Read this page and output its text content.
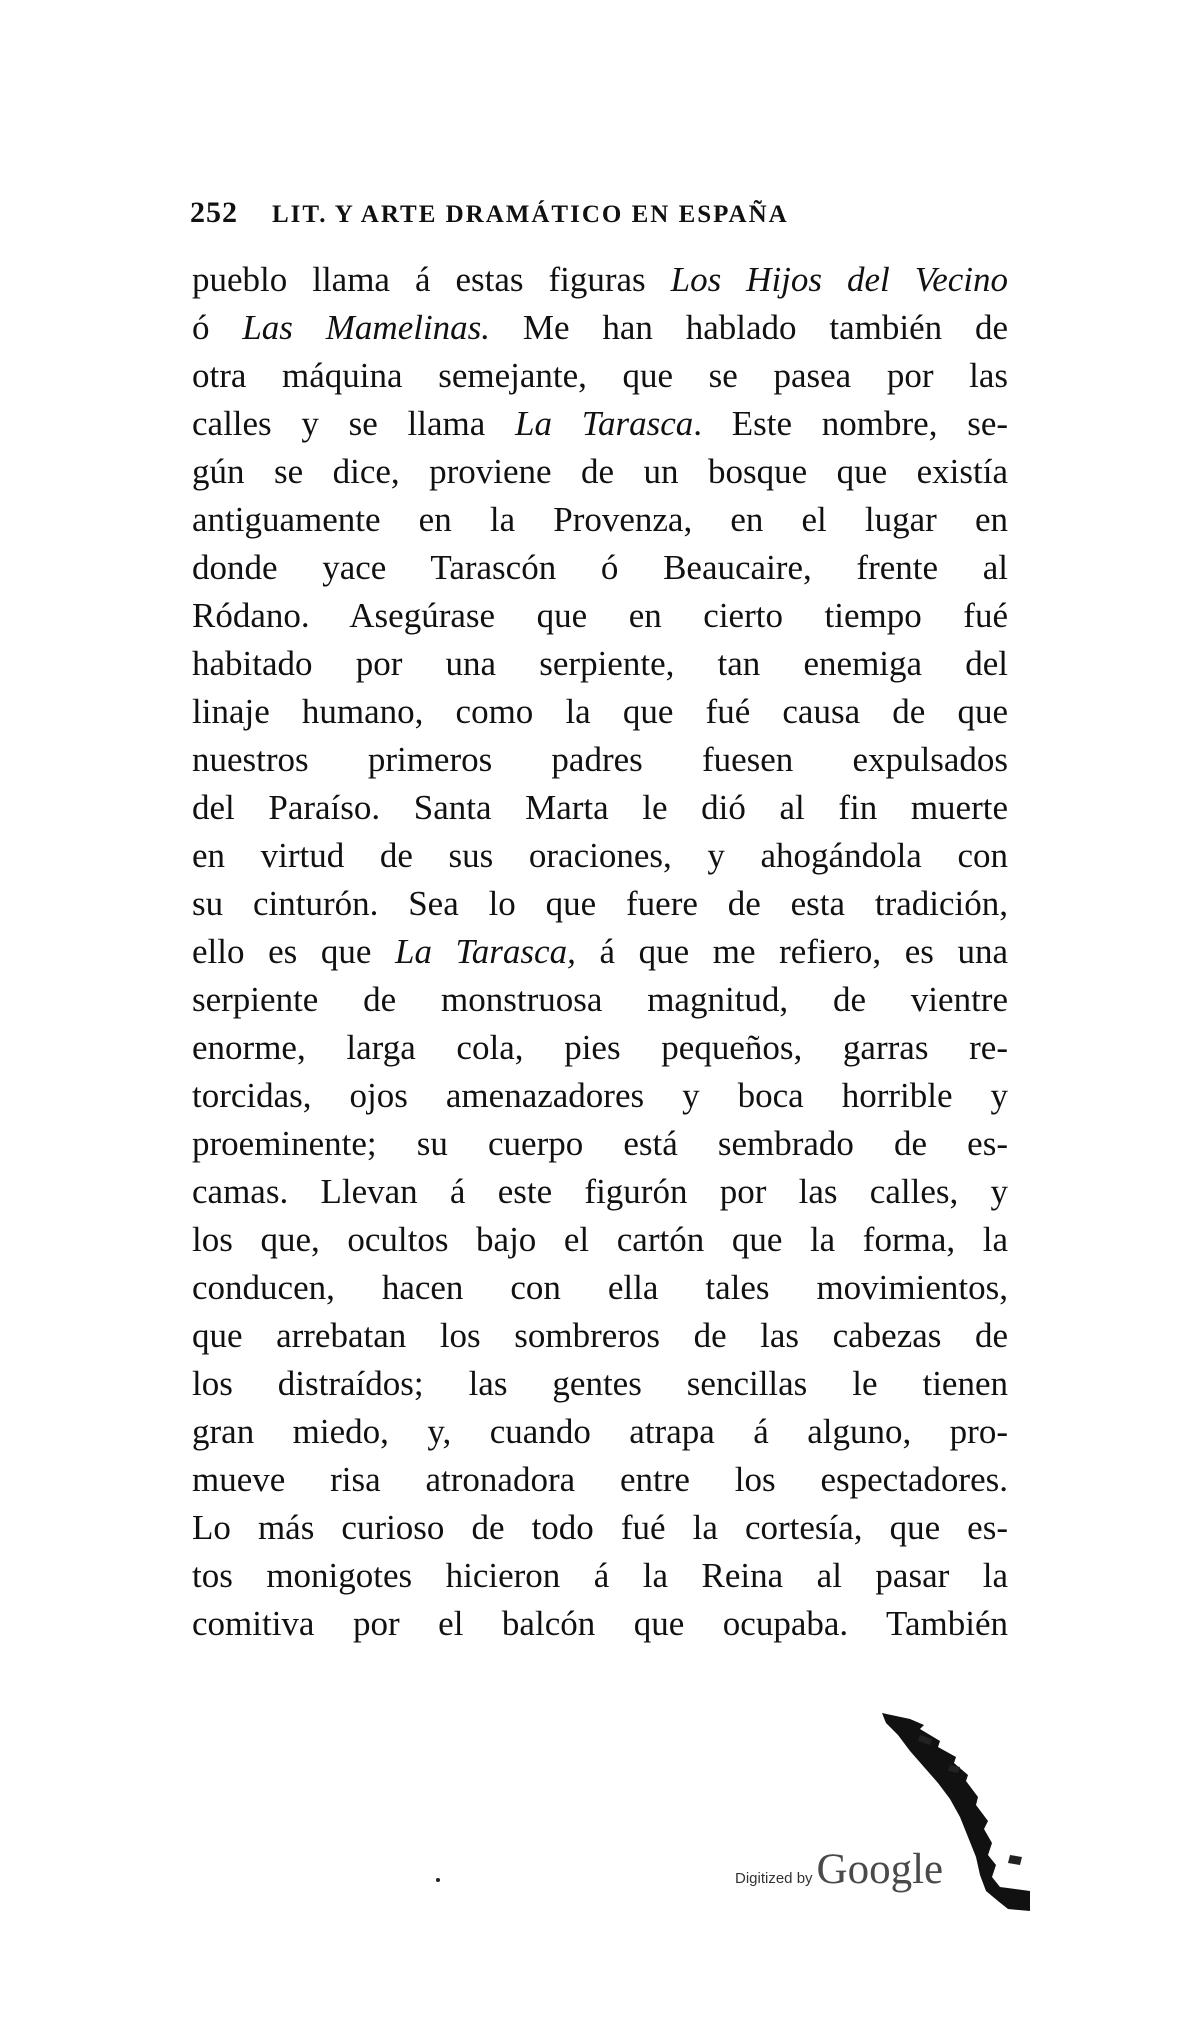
252 LIT. Y ARTE DRAMÁTICO EN ESPAÑA
pueblo llama á estas figuras Los Hijos del Vecino
ó Las Mamelinas. Me han hablado también de
otra máquina semejante, que se pasea por las
calles y se llama La Tarasca. Este nombre, se-
gún se dice, proviene de un bosque que existía
antiguamente en la Provenza, en el lugar en
donde yace Tarascón ó Beaucaire, frente al
Ródano. Asegúrase que en cierto tiempo fué
habitado por una serpiente, tan enemiga del
linaje humano, como la que fué causa de que
nuestros primeros padres fuesen expulsados
del Paraíso. Santa Marta le dió al fin muerte
en virtud de sus oraciones, y ahogándola con
su cinturón. Sea lo que fuere de esta tradición,
ello es que La Tarasca, á que me refiero, es una
serpiente de monstruosa magnitud, de vientre
enorme, larga cola, pies pequeños, garras re-
torcidas, ojos amenazadores y boca horrible y
proeminente; su cuerpo está sembrado de es-
camas. Llevan á este figurón por las calles, y
los que, ocultos bajo el cartón que la forma, la
conducen, hacen con ella tales movimientos,
que arrebatan los sombreros de las cabezas de
los distraídos; las gentes sencillas le tienen
gran miedo, y, cuando atrapa á alguno, pro-
mueve risa atronadora entre los espectadores.
Lo más curioso de todo fué la cortesía, que es-
tos monigotes hicieron á la Reina al pasar la
comitiva por el balcón que ocupaba. También
Digitized by Google
